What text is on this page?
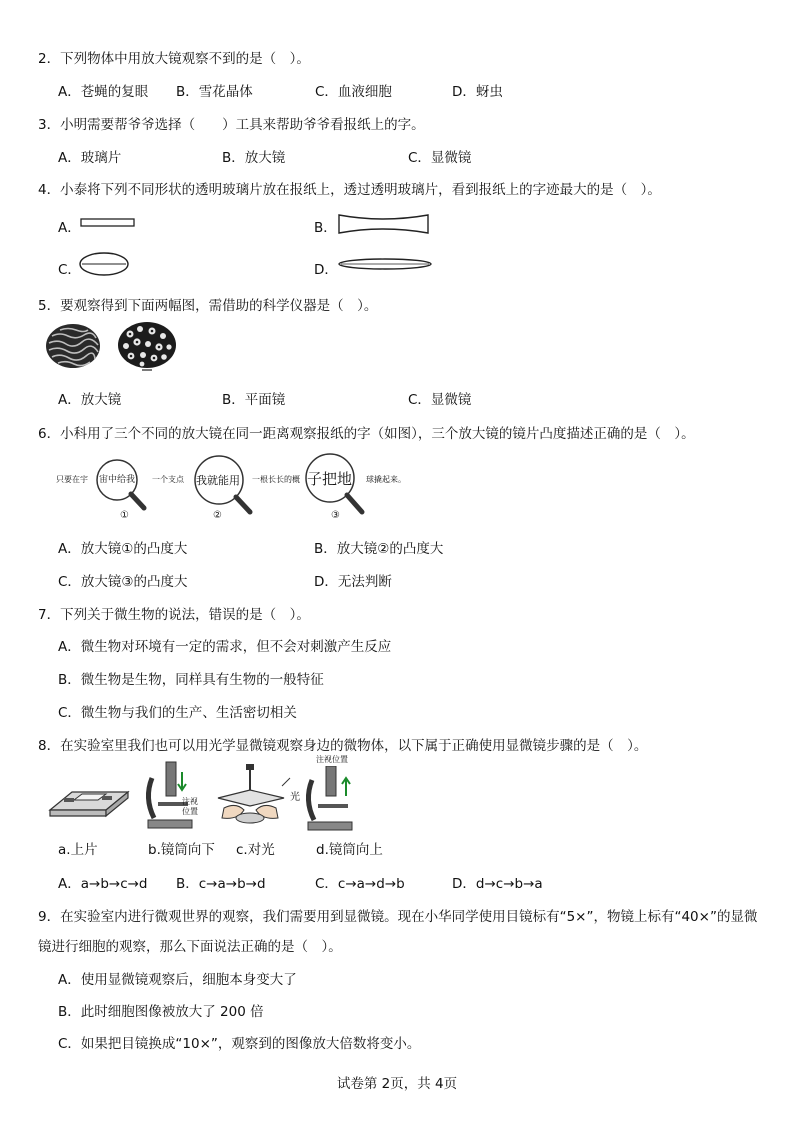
2．下列物体中用放大镜观察不到的是（　）。
A．苍蝇的复眼 B．雪花晶体	C．血液细胞	D．蚜虫
3．小明需要帮爷爷选择（　　）工具来帮助爷爷看报纸上的字。
A．玻璃片	B．放大镜	C．显微镜
4．小泰将下列不同形状的透明玻璃片放在报纸上，透过透明玻璃片，看到报纸上的字迹最大的是（　）。
A．	B．
C．	D．
5．要观察得到下面两幅图，需借助的科学仪器是（　）。
A．放大镜	B．平面镜	C．显微镜
6．小科用了三个不同的放大镜在同一距离观察报纸的字（如图），三个放大镜的镜片凸度描述正确的是（　）。
只要在宇 宙中给我 一个支点 我就能用 一根长长的概 子把地 球撬起来。
①	②	③
A．放大镜①的凸度大	B．放大镜②的凸度大
C．放大镜③的凸度大	D．无法判断
7．下列关于微生物的说法，错误的是（　）。
A．微生物对环境有一定的需求，但不会对刺激产生反应
B．微生物是生物，同样具有生物的一般特征
C．微生物与我们的生产、生活密切相关
8．在实验室里我们也可以用光学显微镜观察身边的微物体，以下属于正确使用显微镜步骤的是（　）。
注视
位置
光
注视位置
a.上片	b.镜筒向下 c.对光	d.镜筒向上
A．a→b→c→d B．c→a→b→d	C．c→a→d→b	D．d→c→b→a
9．在实验室内进行微观世界的观察，我们需要用到显微镜。现在小华同学使用目镜标有“5×”，物镜上标有“40×”的显微
镜进行细胞的观察，那么下面说法正确的是（　）。
A．使用显微镜观察后，细胞本身变大了
B．此时细胞图像被放大了 200 倍
C．如果把目镜换成“10×”，观察到的图像放大倍数将变小。
试卷第 2页，共 4页
